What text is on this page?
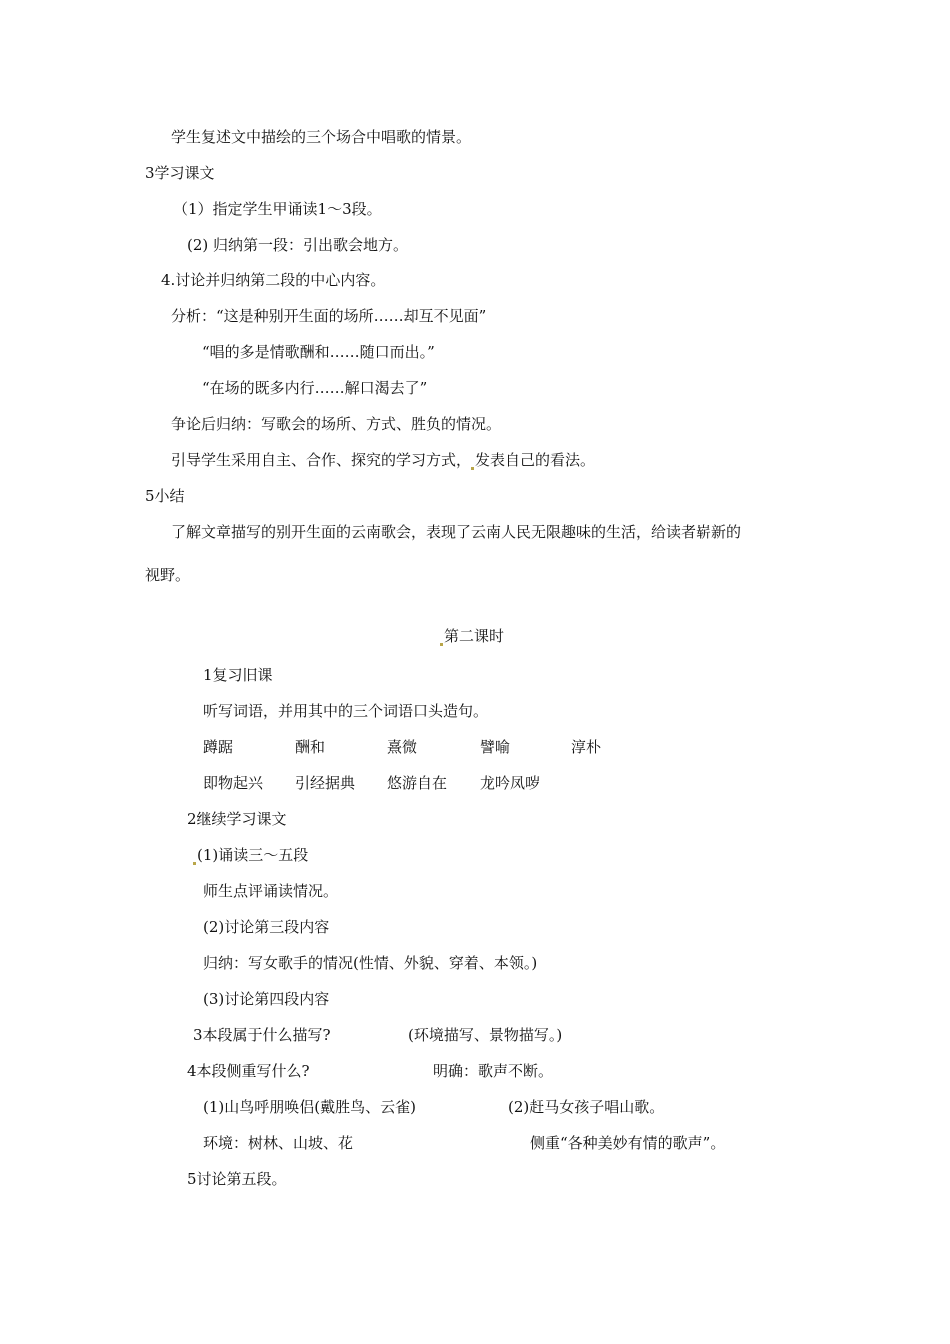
学生复述文中描绘的三个场合中唱歌的情景。
3学习课文
（1）指定学生甲诵读1～3段。
(2) 归纳第一段：引出歌会地方。
4.讨论并归纳第二段的中心内容。
分析：“这是种别开生面的场所……却互不见面”
“唱的多是情歌酬和……随口而出。”
“在场的既多内行……解口渴去了”
争论后归纳：写歌会的场所、方式、胜负的情况。
引导学生采用自主、合作、探究的学习方式， 发表自己的看法。
5小结
了解文章描写的别开生面的云南歌会，表现了云南人民无限趣味的生活，给读者崭新的
视野。
第二课时
1复习旧课
听写词语，并用其中的三个词语口头造句。
蹲踞	酬和	熹微	譬喻	淳朴
即物起兴 引经据典 悠游自在 龙吟凤哕
2继续学习课文
(1)诵读三～五段
师生点评诵读情况。
(2)讨论第三段内容
归纳：写女歌手的情况(性情、外貌、穿着、本领。)
(3)讨论第四段内容
3本段属于什么描写?	(环境描写、景物描写。)
4本段侧重写什么?	明确：歌声不断。
(1)山鸟呼朋唤侣(戴胜鸟、云雀)	(2)赶马女孩子唱山歌。
环境：树林、山坡、花	侧重“各种美妙有情的歌声”。
5讨论第五段。
